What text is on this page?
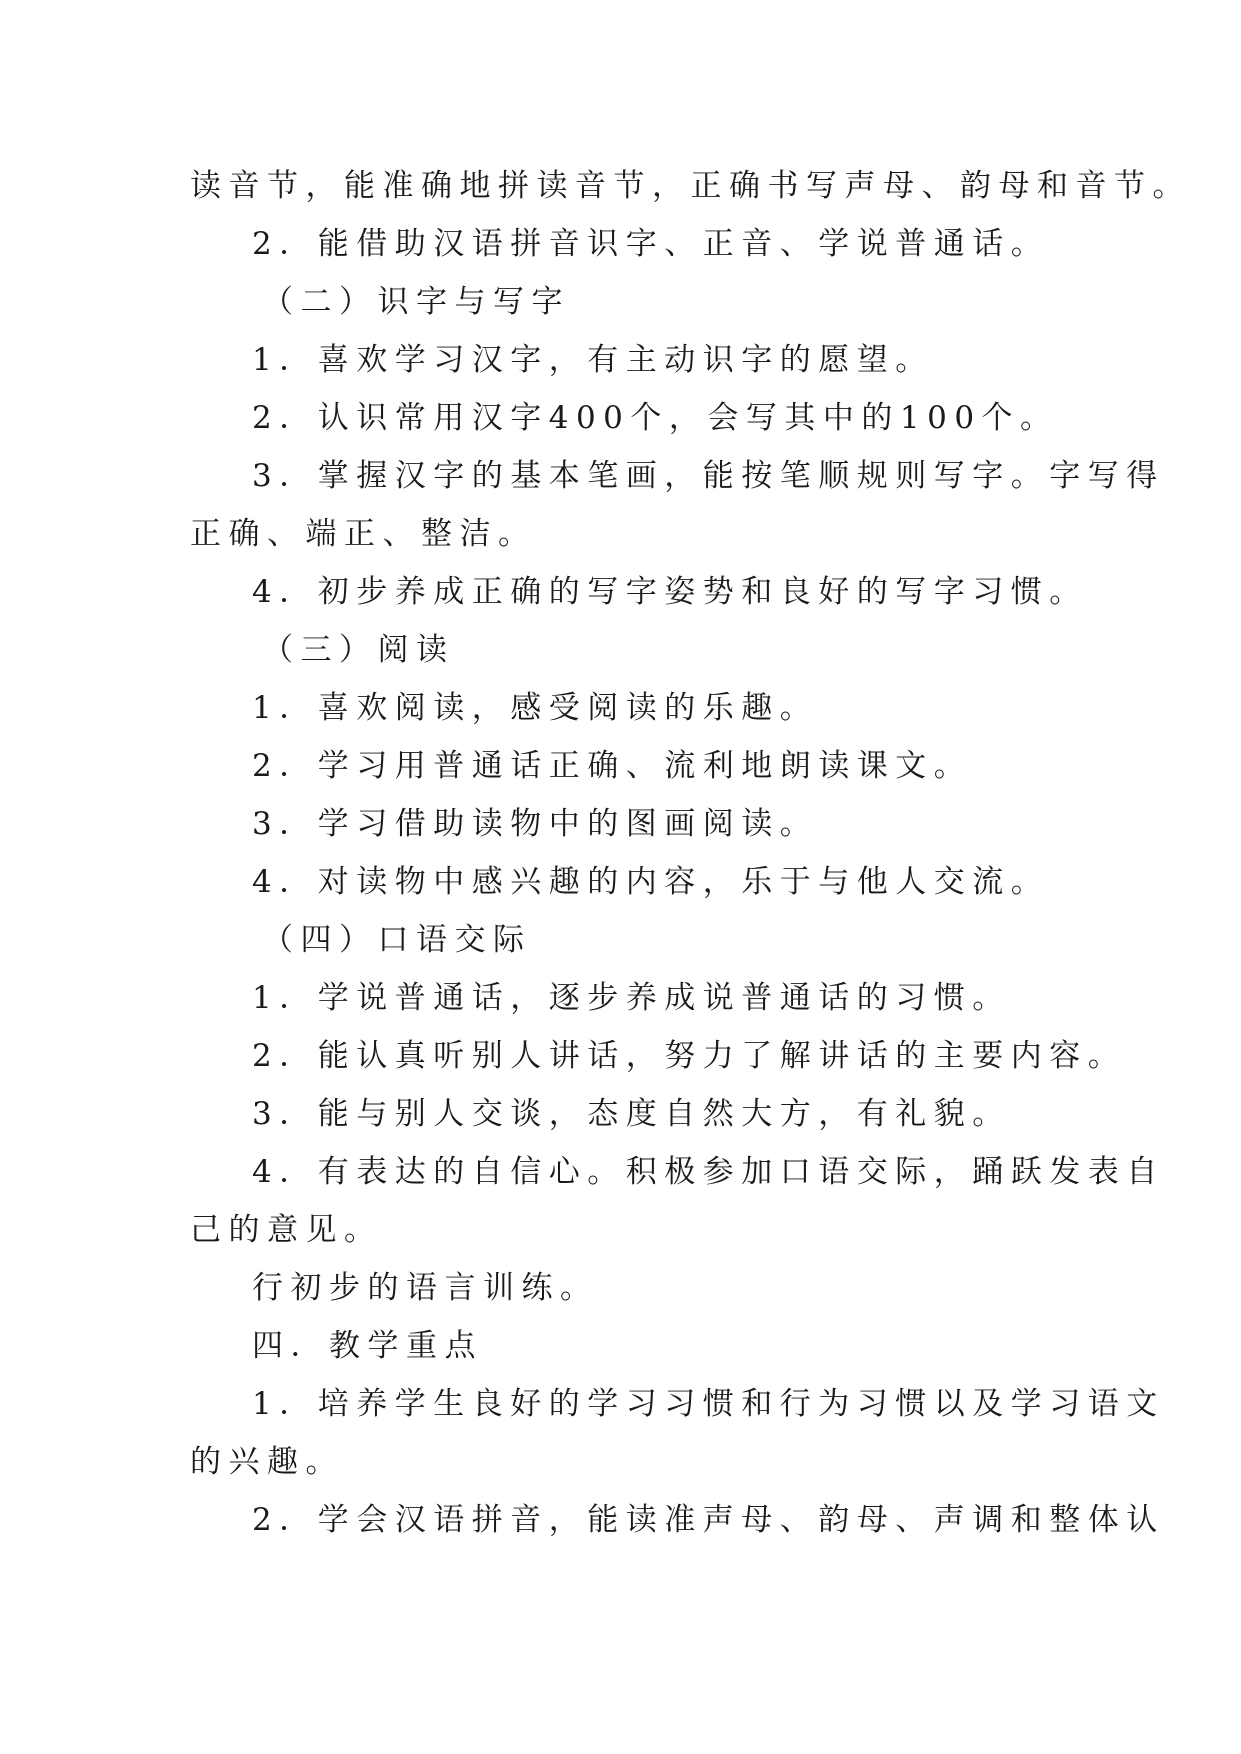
读音节，能准确地拼读音节，正确书写声母、韵母和音节。
2．能借助汉语拼音识字、正音、学说普通话。
（二）识字与写字
1．喜欢学习汉字，有主动识字的愿望。
2．认识常用汉字400个，会写其中的100个。
3．掌握汉字的基本笔画，能按笔顺规则写字。字写得
正确、端正、整洁。
4．初步养成正确的写字姿势和良好的写字习惯。
（三）阅读
1．喜欢阅读，感受阅读的乐趣。
2．学习用普通话正确、流利地朗读课文。
3．学习借助读物中的图画阅读。
4．对读物中感兴趣的内容，乐于与他人交流。
（四）口语交际
1．学说普通话，逐步养成说普通话的习惯。
2．能认真听别人讲话，努力了解讲话的主要内容。
3．能与别人交谈，态度自然大方，有礼貌。
4．有表达的自信心。积极参加口语交际，踊跃发表自
己的意见。
行初步的语言训练。
四．教学重点
1．培养学生良好的学习习惯和行为习惯以及学习语文
的兴趣。
2．学会汉语拼音，能读准声母、韵母、声调和整体认
